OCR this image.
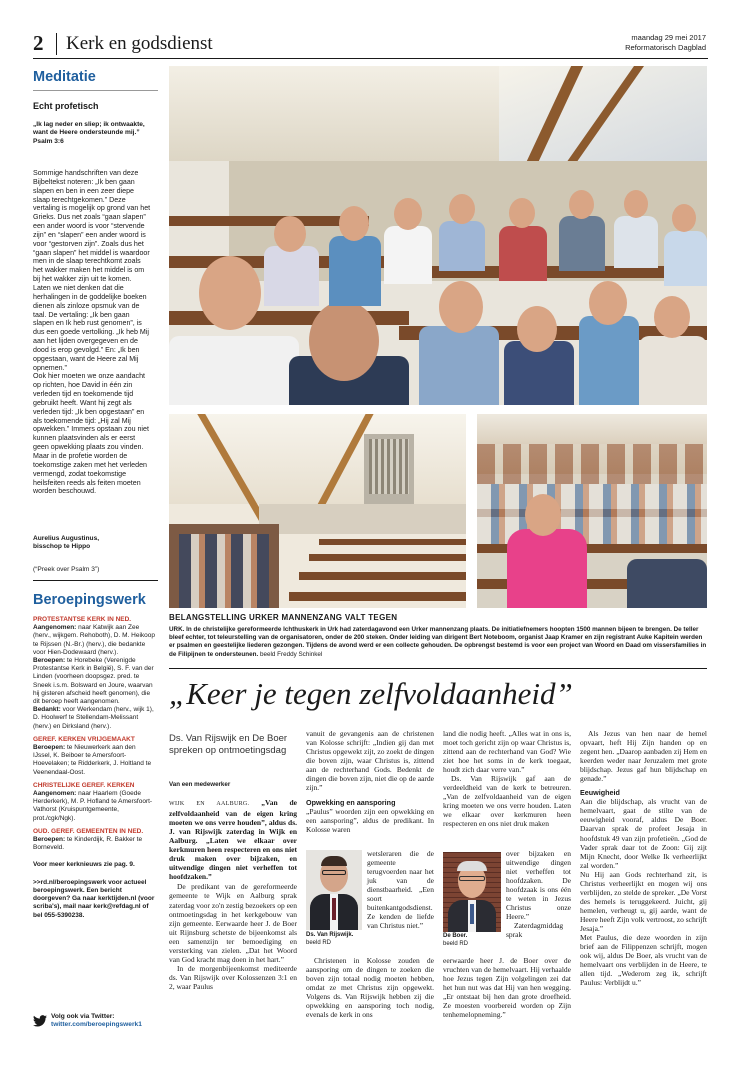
2 Kerk en godsdienst	maandag 29 mei 2017
Reformatorisch Dagblad
Meditatie
Echt profetisch

„Ik lag neder en sliep; ik ontwaakte, want de Heere ondersteunde mij.”

Psalm 3:6

Sommige handschriften van deze Bijbeltekst noteren: „Ik ben gaan slapen en ben in een zeer diepe slaap terechtgekomen.” Deze vertaling is mogelijk op grond van het Grieks. Dus net zoals “gaan slapen” een ander woord is voor “stervende zijn” en “slapen” een ander woord is voor “gestorven zijn”. Zoals dus het “gaan slapen” het middel is waardoor men in de slaap terechtkomt zoals het wakker maken het middel is om bij het wakker zijn uit te komen. Laten we niet denken dat die herhalingen in de goddelijke boeken dienen als zinloze opsmuk van de taal. De vertaling: „Ik ben gaan slapen en Ik heb rust genomen”, is dus een goede vertolking. „Ik heb Mij aan het lijden overgegeven en de dood is erop gevolgd.” En: „Ik ben opgestaan, want de Heere zal Mij opnemen.”

Ook hier moeten we onze aandacht op richten, hoe David in één zin verleden tijd en toekomende tijd gebruikt heeft. Want hij zegt als verleden tijd: „Ik ben opgestaan” en als toekomende tijd: „Hij zal Mij opwekken.” Immers opstaan zou niet kunnen plaatsvinden als er eerst geen opwekking plaats zou vinden. Maar in de profetie worden de toekomstige zaken met het verleden vermengd, zodat toekomstige heilsfeiten reeds als feiten moeten worden beschouwd.

Aurelius Augustinus,

bisschop te Hippo

(“Preek over Psalm 3”)
Beroepingswerk

PROTESTANTSE KERK IN NED.

Aangenomen: naar Katwijk aan Zee (herv., wijkgem. Rehoboth), D. M. Heikoop te Rijssen (N.-Br.) (herv.), die bedankte voor Hien-Dodewaard (herv.).

Beroepen: te Horebeke (Verenigde Protestantse Kerk in België), S. F. van der Linden (voorheen doopsgez. pred. te Sneek i.s.m. Bolsward en Joure, waarvan hij gisteren afscheid heeft genomen), die dit beroep heeft aangenomen.

Bedankt: voor Werkendam (herv., wijk 1), D. Hoolwerf te Stellendam-Melissant (herv.) en Dirksland (herv.).

GEREF. KERKEN VRIJGEMAAKT

Beroepen: te Nieuwerkerk aan den IJssel, K. Beiboer te Amersfoort-Hoevelaken; te Ridderkerk, J. Holtland te Veenendaal-Oost.

CHRISTELIJKE GEREF. KERKEN

Aangenomen: naar Haarlem (Goede Herderkerk), M. P. Hofland te Amersfoort-Vathorst (Kruispuntgemeente, prot./cgk/Ngk).

OUD. GEREF. GEMEENTEN IN NED.

Beroepen: te Kinderdijk, R. Bakker te Borneveld.

Voor meer kerknieuws zie pag. 9.

>>rd.nl/beroepingswerk voor actueel beroepingswerk. Een bericht doorgeven? Ga naar kerktijden.nl (voor scriba's), mail naar kerk@refdag.nl of bel 055-5390238.

Volg ook via Twitter:

twitter.com/beroepingswerk1

BELANGSTELLING URKER MANNENZANG VALT TEGEN
URK. In de christelijke gereformeerde Ichthuskerk in Urk had zaterdagavond een Urker mannenzang plaats. De initiatiefnemers hoopten 1500 mannen bijeen te brengen. De teller bleef echter, tot teleurstelling van de organisatoren, onder de 200 steken. Onder leiding van dirigent Bert Noteboom, organist Jaap Kramer en zijn registrant Auke Kapitein werden er psalmen en geestelijke liederen gezongen. Tijdens de avond werd er een collecte gehouden. De opbrengst bestemd is voor een project van Woord en Daad om vissersfamilies in de Filipijnen te ondersteunen. beeld Freddy Schinkel
„Keer je tegen zelfvoldaanheid”
Ds. Van Rijswijk en De Boer spreken op ontmoetingsdag
Van een medewerker

WIJK EN AALBURG. „Van de zelfvoldaanheid van de eigen kring moeten we ons verre houden”, aldus ds. J. van Rijswijk zaterdag in Wijk en Aalburg. „Laten we elkaar over kerkmuren heen respecteren en ons niet druk maken over bijzaken, en uitwendige dingen niet verheffen tot hoofdzaken.”

De predikant van de gereformeerde gemeente te Wijk en Aalburg sprak zaterdag voor zo'n zestig bezoekers op een ontmoetingsdag in het kerkgebouw van zijn gemeente. Eerwaarde heer J. de Boer uit Rijnsburg schetste de bijeenkomst als een samenzijn ter bemoediging en versterking van zielen. „Dat het Woord van God kracht mag doen in het hart.”

In de morgenbijeenkomst mediteerde ds. Van Rijswijk over Kolossenzen 3:1 en 2, waar Paulus

vanuit de gevangenis aan de christenen van Kolosse schrijft: „Indien gij dan met Christus opgewekt zijt, zo zoekt de dingen die boven zijn, waar Christus is, zittend aan de rechterhand Gods. Bedenkt de dingen die boven zijn, niet die op de aarde zijn.”

Opwekking en aansporing

„Paulus” woorden zijn een opwekking en een aansporing”, aldus de predikant. In Kolosse waren

wetsleraren die de gemeente terugvoerden naar het juk van de dienstbaarheid. „Een soort buitenkantgodsdienst. Ze kenden de liefde van Christus niet.”

Ds. Van Rijswijk.

beeld RD

Christenen in Kolosse zouden de aansporing om de dingen te zoeken die boven zijn totaal nodig moeten hebben, omdat ze met Christus zijn opgewekt. Volgens ds. Van Rijswijk hebben zij die opwekking en aansporing toch nodig, evenals de kerk in ons

land die nodig heeft. „Alles wat in ons is, moet toch gericht zijn op waar Christus is, zittend aan de rechterhand van God? Wie ziet hoe het soms in de kerk toegaat, houdt zich daar verre van.”

Ds. Van Rijswijk gaf aan de verdeeldheid van de kerk te betreuren. „Van de zelfvoldaanheid van de eigen kring moeten we ons verre houden. Laten we elkaar over kerkmuren heen respecteren en ons niet druk maken

over bijzaken en uitwendige dingen niet verheffen tot hoofdzaken. De hoofdzaak is ons één te weten in Jezus Christus onze Heere.”

Zaterdagmiddag sprak

De Boer.

beeld RD

eerwaarde heer J. de Boer over de vruchten van de hemelvaart. Hij verhaalde hoe Jezus tegen Zijn volgelingen zei dat het hun nut was dat Hij van hen wegging. „Er ontstaat bij hen dan grote droefheid. Ze moesten voorbereid worden op Zijn tenhemelopneming.”

Als Jezus van hen naar de hemel opvaart, heft Hij Zijn handen op en zegent hen. „Daarop aanbaden zij Hem en keerden weder naar Jeruzalem met grote blijdschap. Jezus gaf hun blijdschap en genade.”

Eeuwigheid

Aan die blijdschap, als vrucht van de hemelvaart, gaat de stilte van de eeuwigheid vooraf, aldus De Boer. Daarvan sprak de profeet Jesaja in hoofdstuk 49 van zijn profetieën. „God de Vader sprak daar tot de Zoon: Gij zijt Mijn Knecht, door Welke Ik verheerlijkt zal worden.”
Nu Hij aan Gods rechterhand zit, is Christus verheerlijkt en mogen wij ons verblijden, zo stelde de spreker. „De Vorst des hemels is teruggekeerd. Juicht, gij hemelen, verheugt u, gij aarde, want de Heere heeft Zijn volk vertroost, zo schrijft Jesaja.”
Met Paulus, die deze woorden in zijn brief aan de Filippenzen schrijft, mogen ook wij, aldus De Boer, als vrucht van de hemelvaart ons verblijden in de Heere, te allen tijd. „Wederom zeg ik, schrijft Paulus: Verblijdt u.”
